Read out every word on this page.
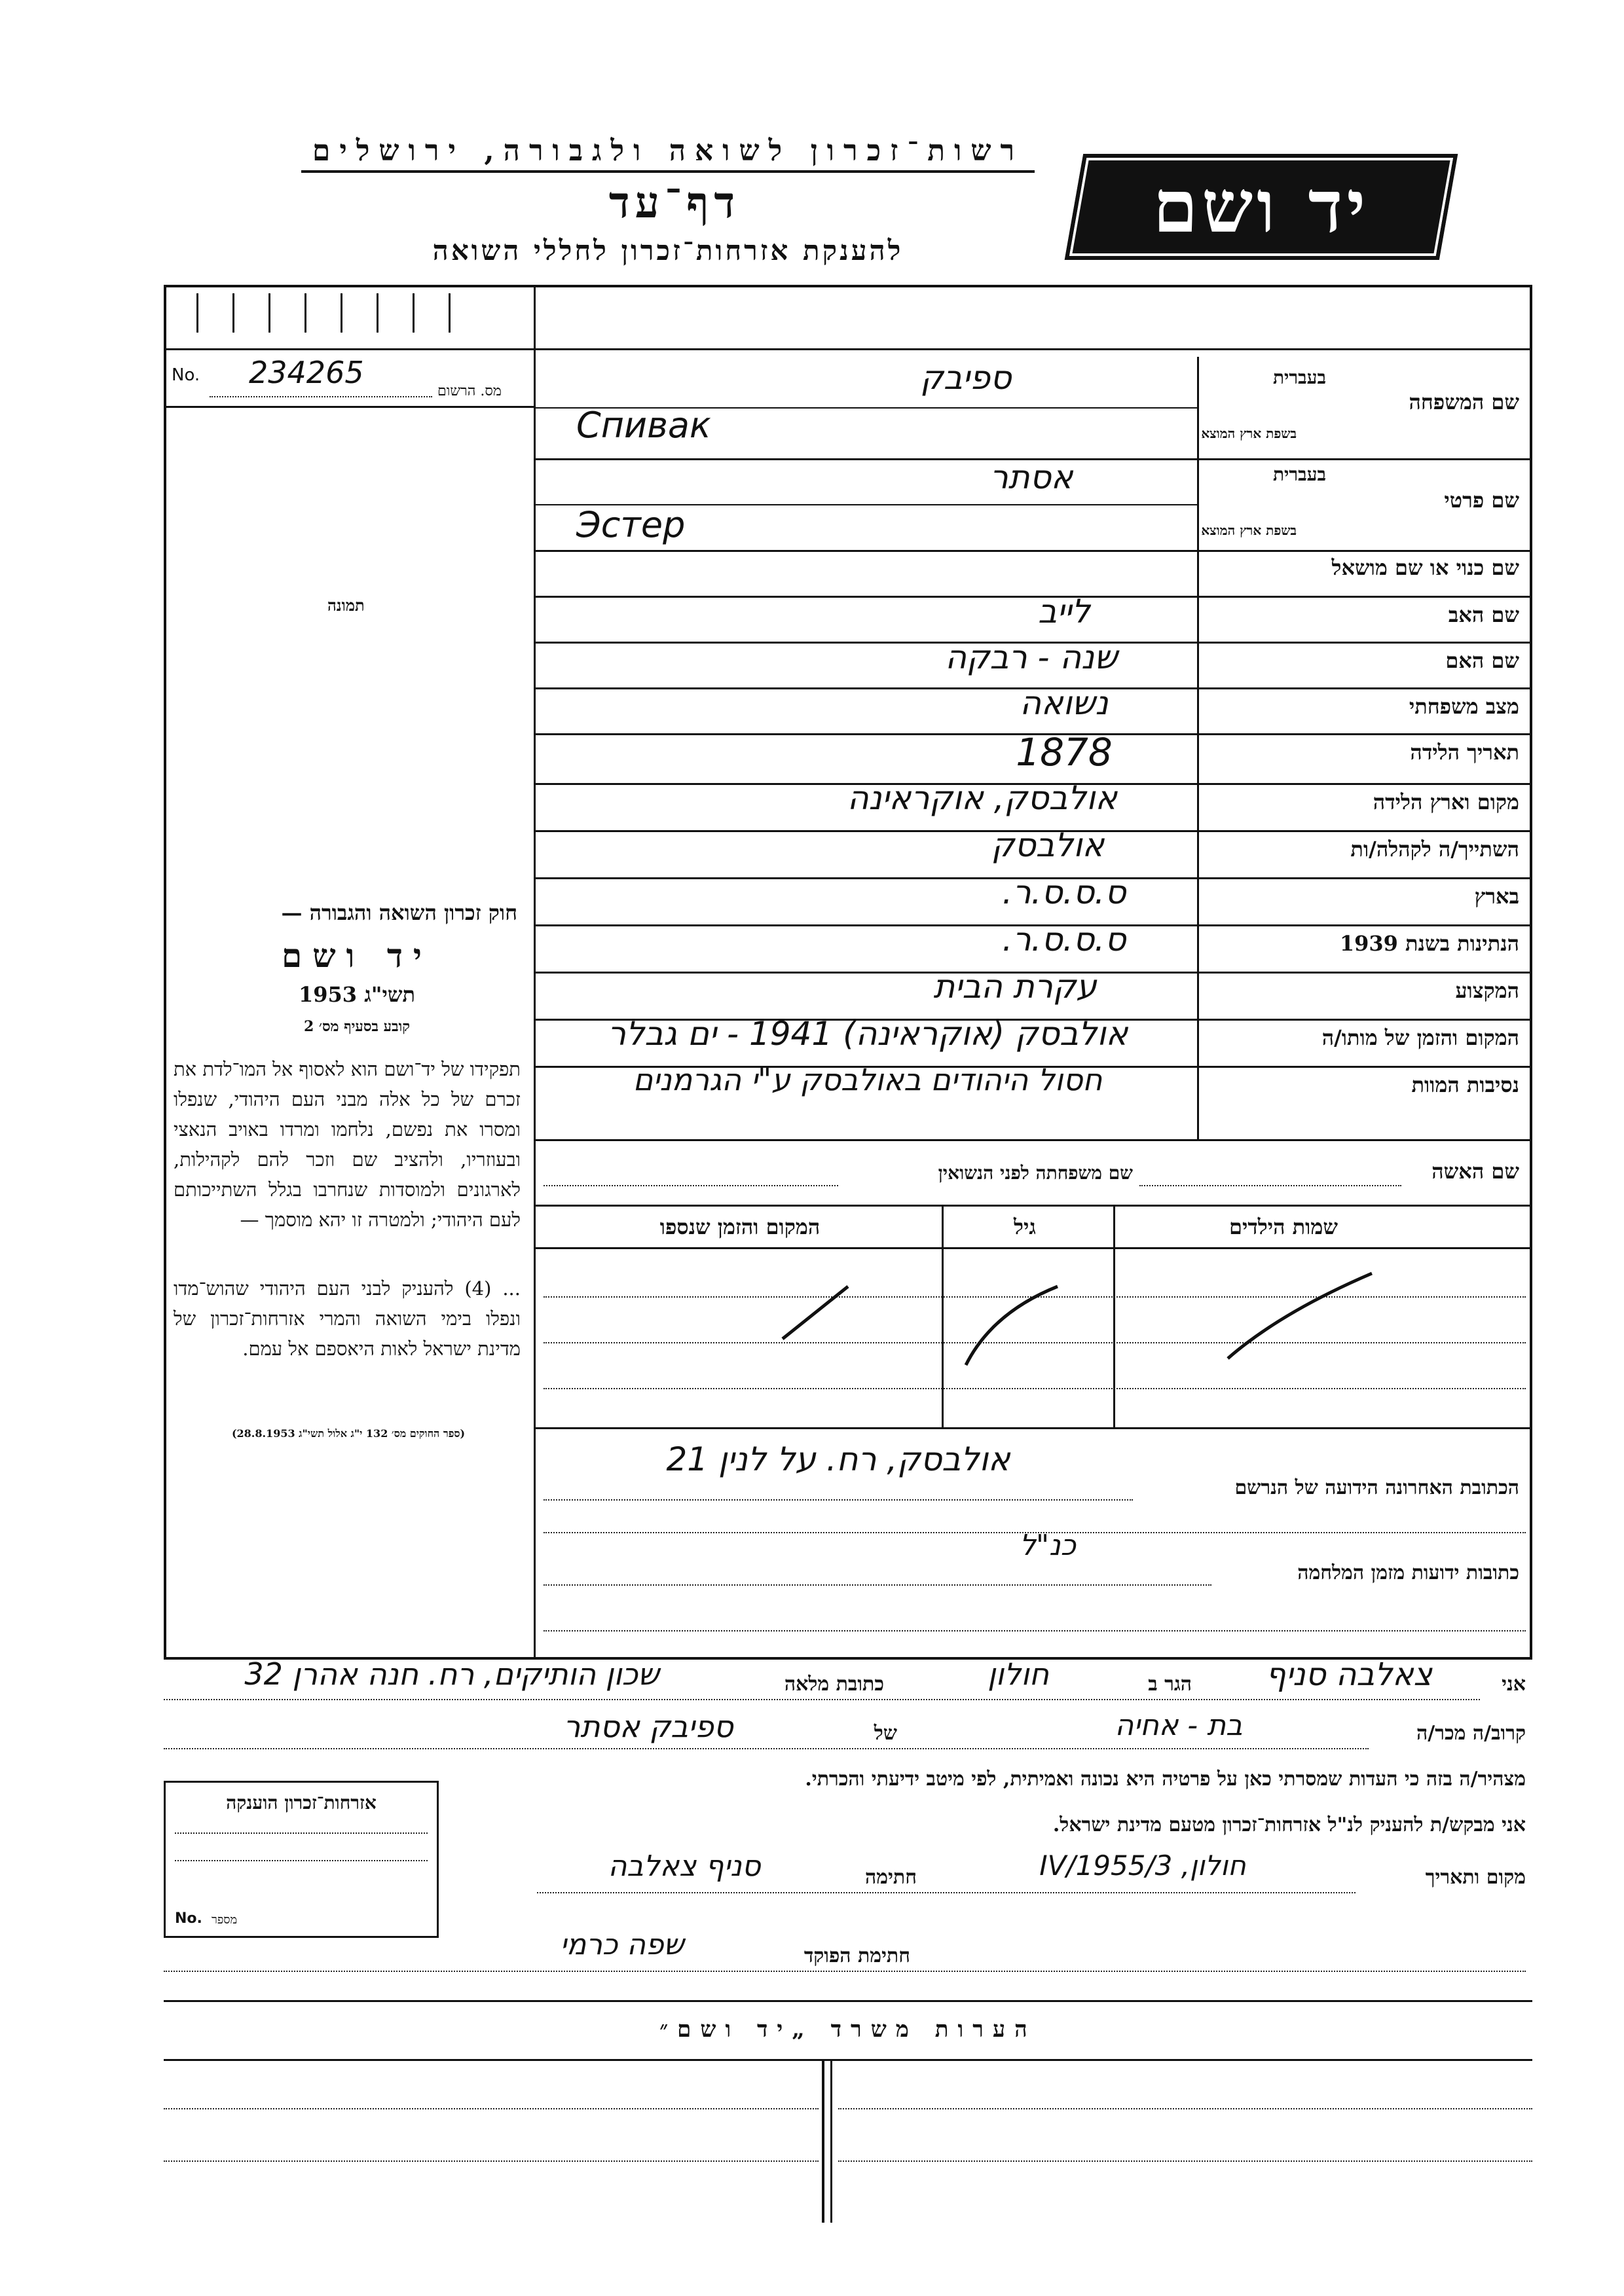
רשות־זכרון לשואה ולגבורה, ירושלים
דף־עד
להענקת אזרחות־זכרון לחללי השואה
יד ושם
No. 234265
מס. הרשום
תמונה
שם המשפחה
בעברית
בשפת ארץ המוצא
ספיבק
Спивак
שם פרטי
בעברית
בשפת ארץ המוצא
אסתר
Эстер
שם כנוי או שם מושאל
שם האב
לייב
שם האם
שנה - רבקה
מצב משפחתי
נשואה
תאריך הלידה
1878
מקום וארץ הלידה
אולבסק, אוקראינה
השתייך/ה לקהלה/ות
אולבסק
בארץ
ס.ס.ס.ר.
הנתינות בשנת 1939
ס.ס.ס.ר.
המקצוע
עקרת הבית
המקום והזמן של מותו/ה
אולבסק (אוקראינה) 1941 - ים גבלר
נסיבות המוות
חסול היהודים באולבסק ע"י הגרמנים
שם האשה
שם משפחתה לפני הנשואין
שמות הילדים
גיל
המקום והזמן שנספו
הכתובת האחרונה הידועה של הנרשם
אולבסק, רח. על לנין 21
כנ"ל
כתובות ידועות מזמן המלחמה
חוק זכרון השואה והגבורה —
יד ושם
תשי"ג 1953
קובע בסעיף מס׳ 2
תפקידו של יד־ושם הוא לאסוף אל המו־לדת את זכרם של כל אלה מבני העם היהודי, שנפלו ומסרו את נפשם, נלחמו ומרדו באויב הנאצי ובעוזריו, ולהציב שם וזכר להם לקהילות, לארגונים ולמוסדות שנחרבו בגלל השתייכותם לעם היהודי; ולמטרה זו יהא מוסמך —
... (4) להעניק לבני העם היהודי שהוש־מדו ונפלו בימי השואה והמרי אזרחות־זכרון של מדינת ישראל לאות היאספם אל עמם.
(ספר החוקים מס׳ 132 י"ג אלול תשי"ג 28.8.1953)
אני
צאלבה סניף
הגר ב
חולון
כתובת מלאה
שכון הותיקים, רח. חנה אהרן 32
קרוב/ה מכר/ה
בת - אחיה
של
ספיבק אסתר
מצהיר/ה בזה כי העדות שמסרתי כאן על פרטיה היא נכונה ואמיתית, לפי מיטב ידיעתי והכרתי.
אני מבקש/ת להעניק לנ"ל אזרחות־זכרון מטעם מדינת ישראל.
מקום ותאריך
חולון, 3/IV/1955
חתימה
סניף צאלבה
חתימת הפוקד
שפה כרמי
אזרחות־זכרון הוענקה
No. מספר
הערות משרד „יד ושם״
